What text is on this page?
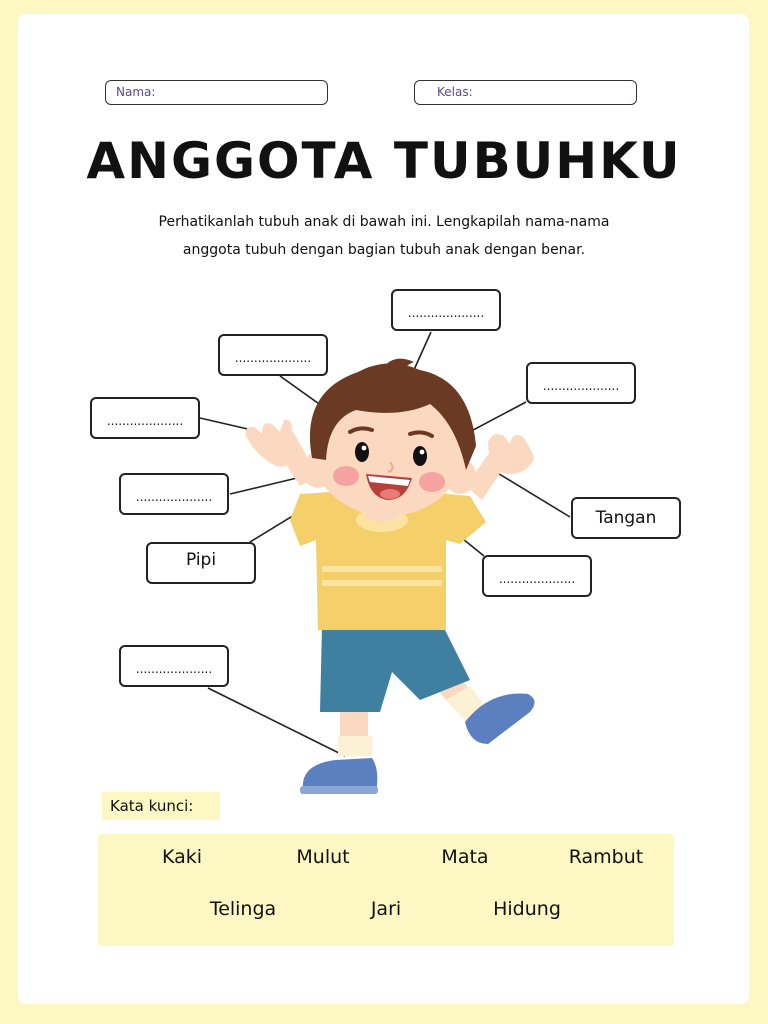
Nama:	Kelas:
ANGGOTA TUBUHKU
Perhatikanlah tubuh anak di bawah ini. Lengkapilah nama-nama
anggota tubuh dengan bagian tubuh anak dengan benar.
....................
....................
....................
....................
....................
Tangan
Pipi
....................
....................
Kata kunci:
Kaki	Mulut	Mata	Rambut
Telinga	Jari	Hidung
